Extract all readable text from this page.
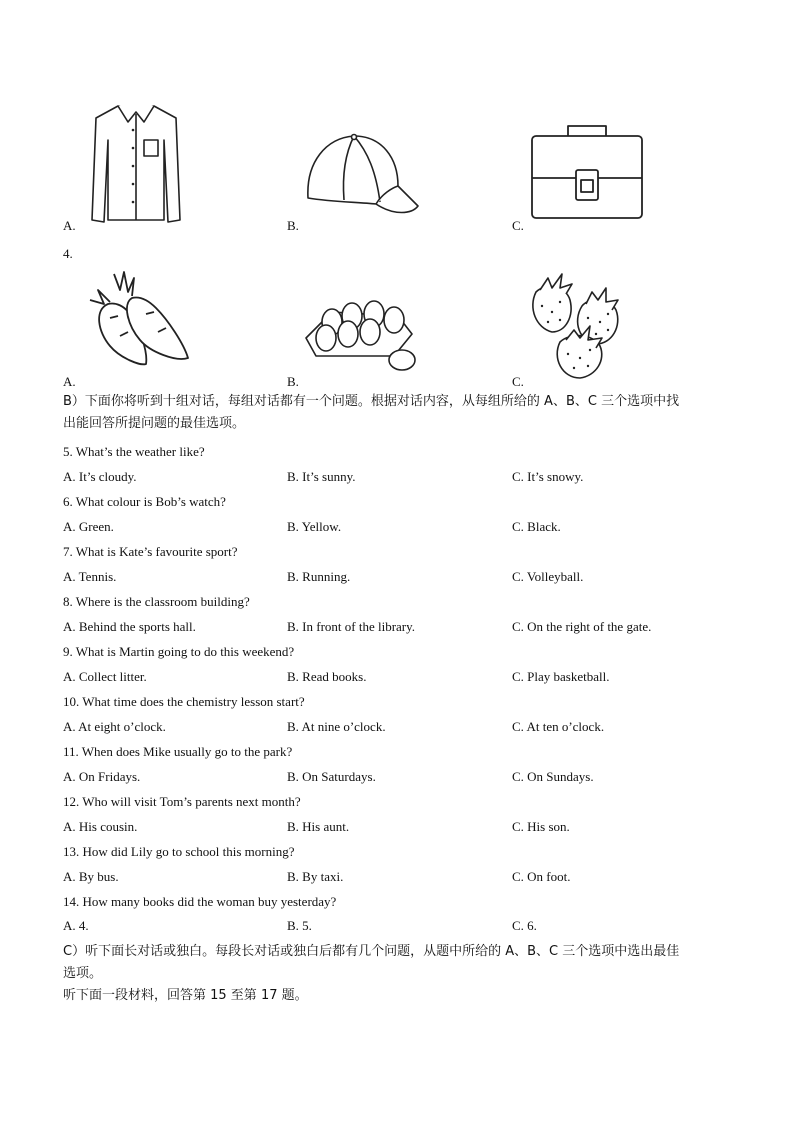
A.	B.	C.
4.
A.	B.	C.
B）下面你将听到十组对话，每组对话都有一个问题。根据对话内容，从每组所给的 A、B、C 三个选项中找
出能回答所提问题的最佳选项。
5. What’s the weather like?
A. It’s cloudy.	B. It’s sunny.	C. It’s snowy.
6. What colour is Bob’s watch?
A. Green.	B. Yellow.	C. Black.
7. What is Kate’s favourite sport?
A. Tennis.	B. Running.	C. Volleyball.
8. Where is the classroom building?
A. Behind the sports hall.	B. In front of the library.	C. On the right of the gate.
9. What is Martin going to do this weekend?
A. Collect litter.	B. Read books.	C. Play basketball.
10. What time does the chemistry lesson start?
A. At eight o’clock.	B. At nine o’clock.	C. At ten o’clock.
11. When does Mike usually go to the park?
A. On Fridays.	B. On Saturdays.	C. On Sundays.
12. Who will visit Tom’s parents next month?
A. His cousin.	B. His aunt.	C. His son.
13. How did Lily go to school this morning?
A. By bus.	B. By taxi.	C. On foot.
14. How many books did the woman buy yesterday?
A. 4.	B. 5.	C. 6.
C）听下面长对话或独白。每段长对话或独白后都有几个问题，从题中所给的 A、B、C 三个选项中选出最佳
选项。
听下面一段材料，回答第 15 至第 17 题。
